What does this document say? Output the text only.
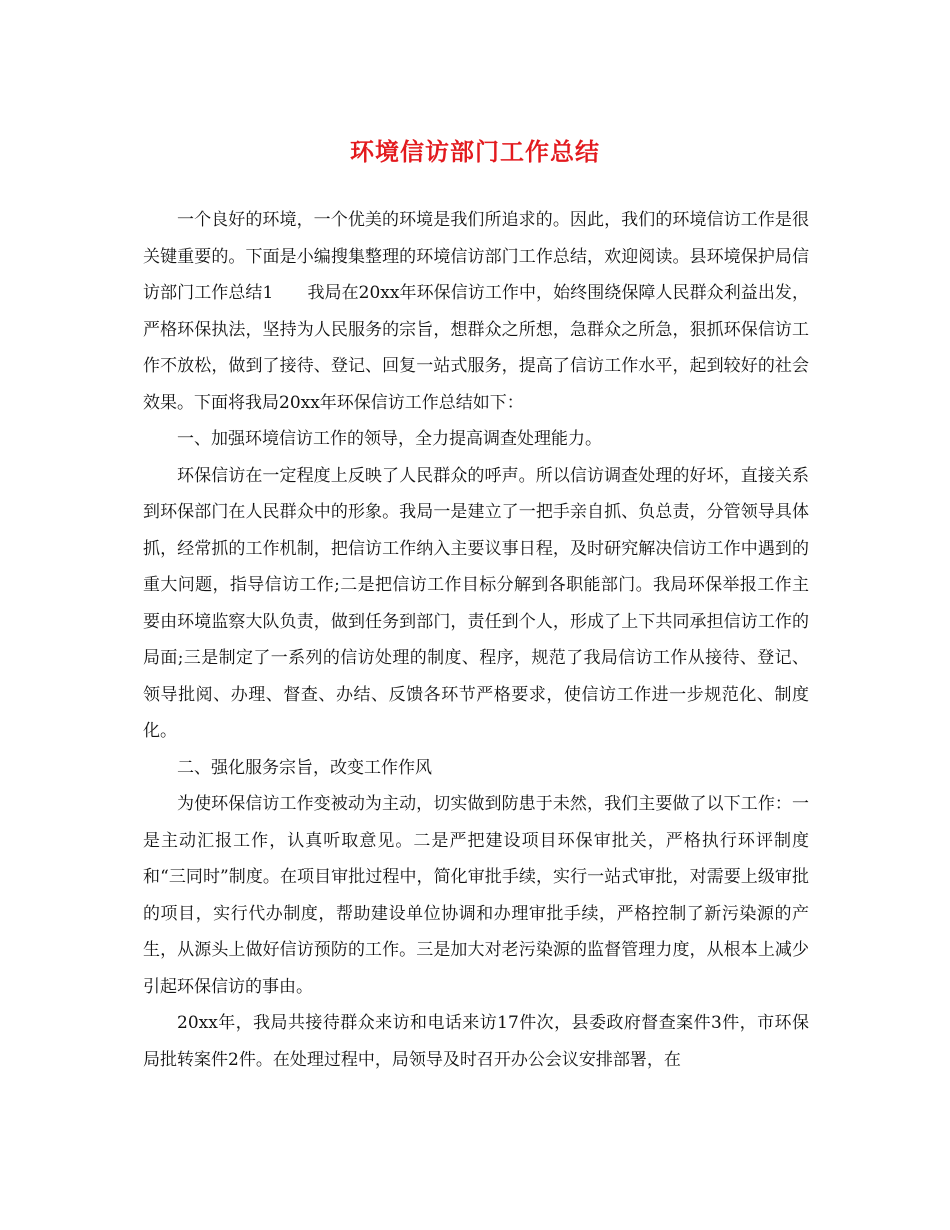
环境信访部门工作总结

一个良好的环境，一个优美的环境是我们所追求的。因此，我们的环境信访工作是很关键重要的。下面是小编搜集整理的环境信访部门工作总结，欢迎阅读。县环境保护局信访部门工作总结1　　我局在20xx年环保信访工作中，始终围绕保障人民群众利益出发，严格环保执法，坚持为人民服务的宗旨，想群众之所想，急群众之所急，狠抓环保信访工作不放松，做到了接待、登记、回复一站式服务，提高了信访工作水平，起到较好的社会效果。下面将我局20xx年环保信访工作总结如下：

一、加强环境信访工作的领导，全力提高调查处理能力。

环保信访在一定程度上反映了人民群众的呼声。所以信访调查处理的好坏，直接关系到环保部门在人民群众中的形象。我局一是建立了一把手亲自抓、负总责，分管领导具体抓，经常抓的工作机制，把信访工作纳入主要议事日程，及时研究解决信访工作中遇到的重大问题，指导信访工作;二是把信访工作目标分解到各职能部门。我局环保举报工作主要由环境监察大队负责，做到任务到部门，责任到个人，形成了上下共同承担信访工作的局面;三是制定了一系列的信访处理的制度、程序，规范了我局信访工作从接待、登记、领导批阅、办理、督查、办结、反馈各环节严格要求，使信访工作进一步规范化、制度化。

二、强化服务宗旨，改变工作作风

为使环保信访工作变被动为主动，切实做到防患于未然，我们主要做了以下工作：一是主动汇报工作，认真听取意见。二是严把建设项目环保审批关，严格执行环评制度和“三同时”制度。在项目审批过程中，简化审批手续，实行一站式审批，对需要上级审批的项目，实行代办制度，帮助建设单位协调和办理审批手续，严格控制了新污染源的产生，从源头上做好信访预防的工作。三是加大对老污染源的监督管理力度，从根本上减少引起环保信访的事由。

20xx年，我局共接待群众来访和电话来访17件次，县委政府督查案件3件，市环保局批转案件2件。在处理过程中，局领导及时召开办公会议安排部署，在
